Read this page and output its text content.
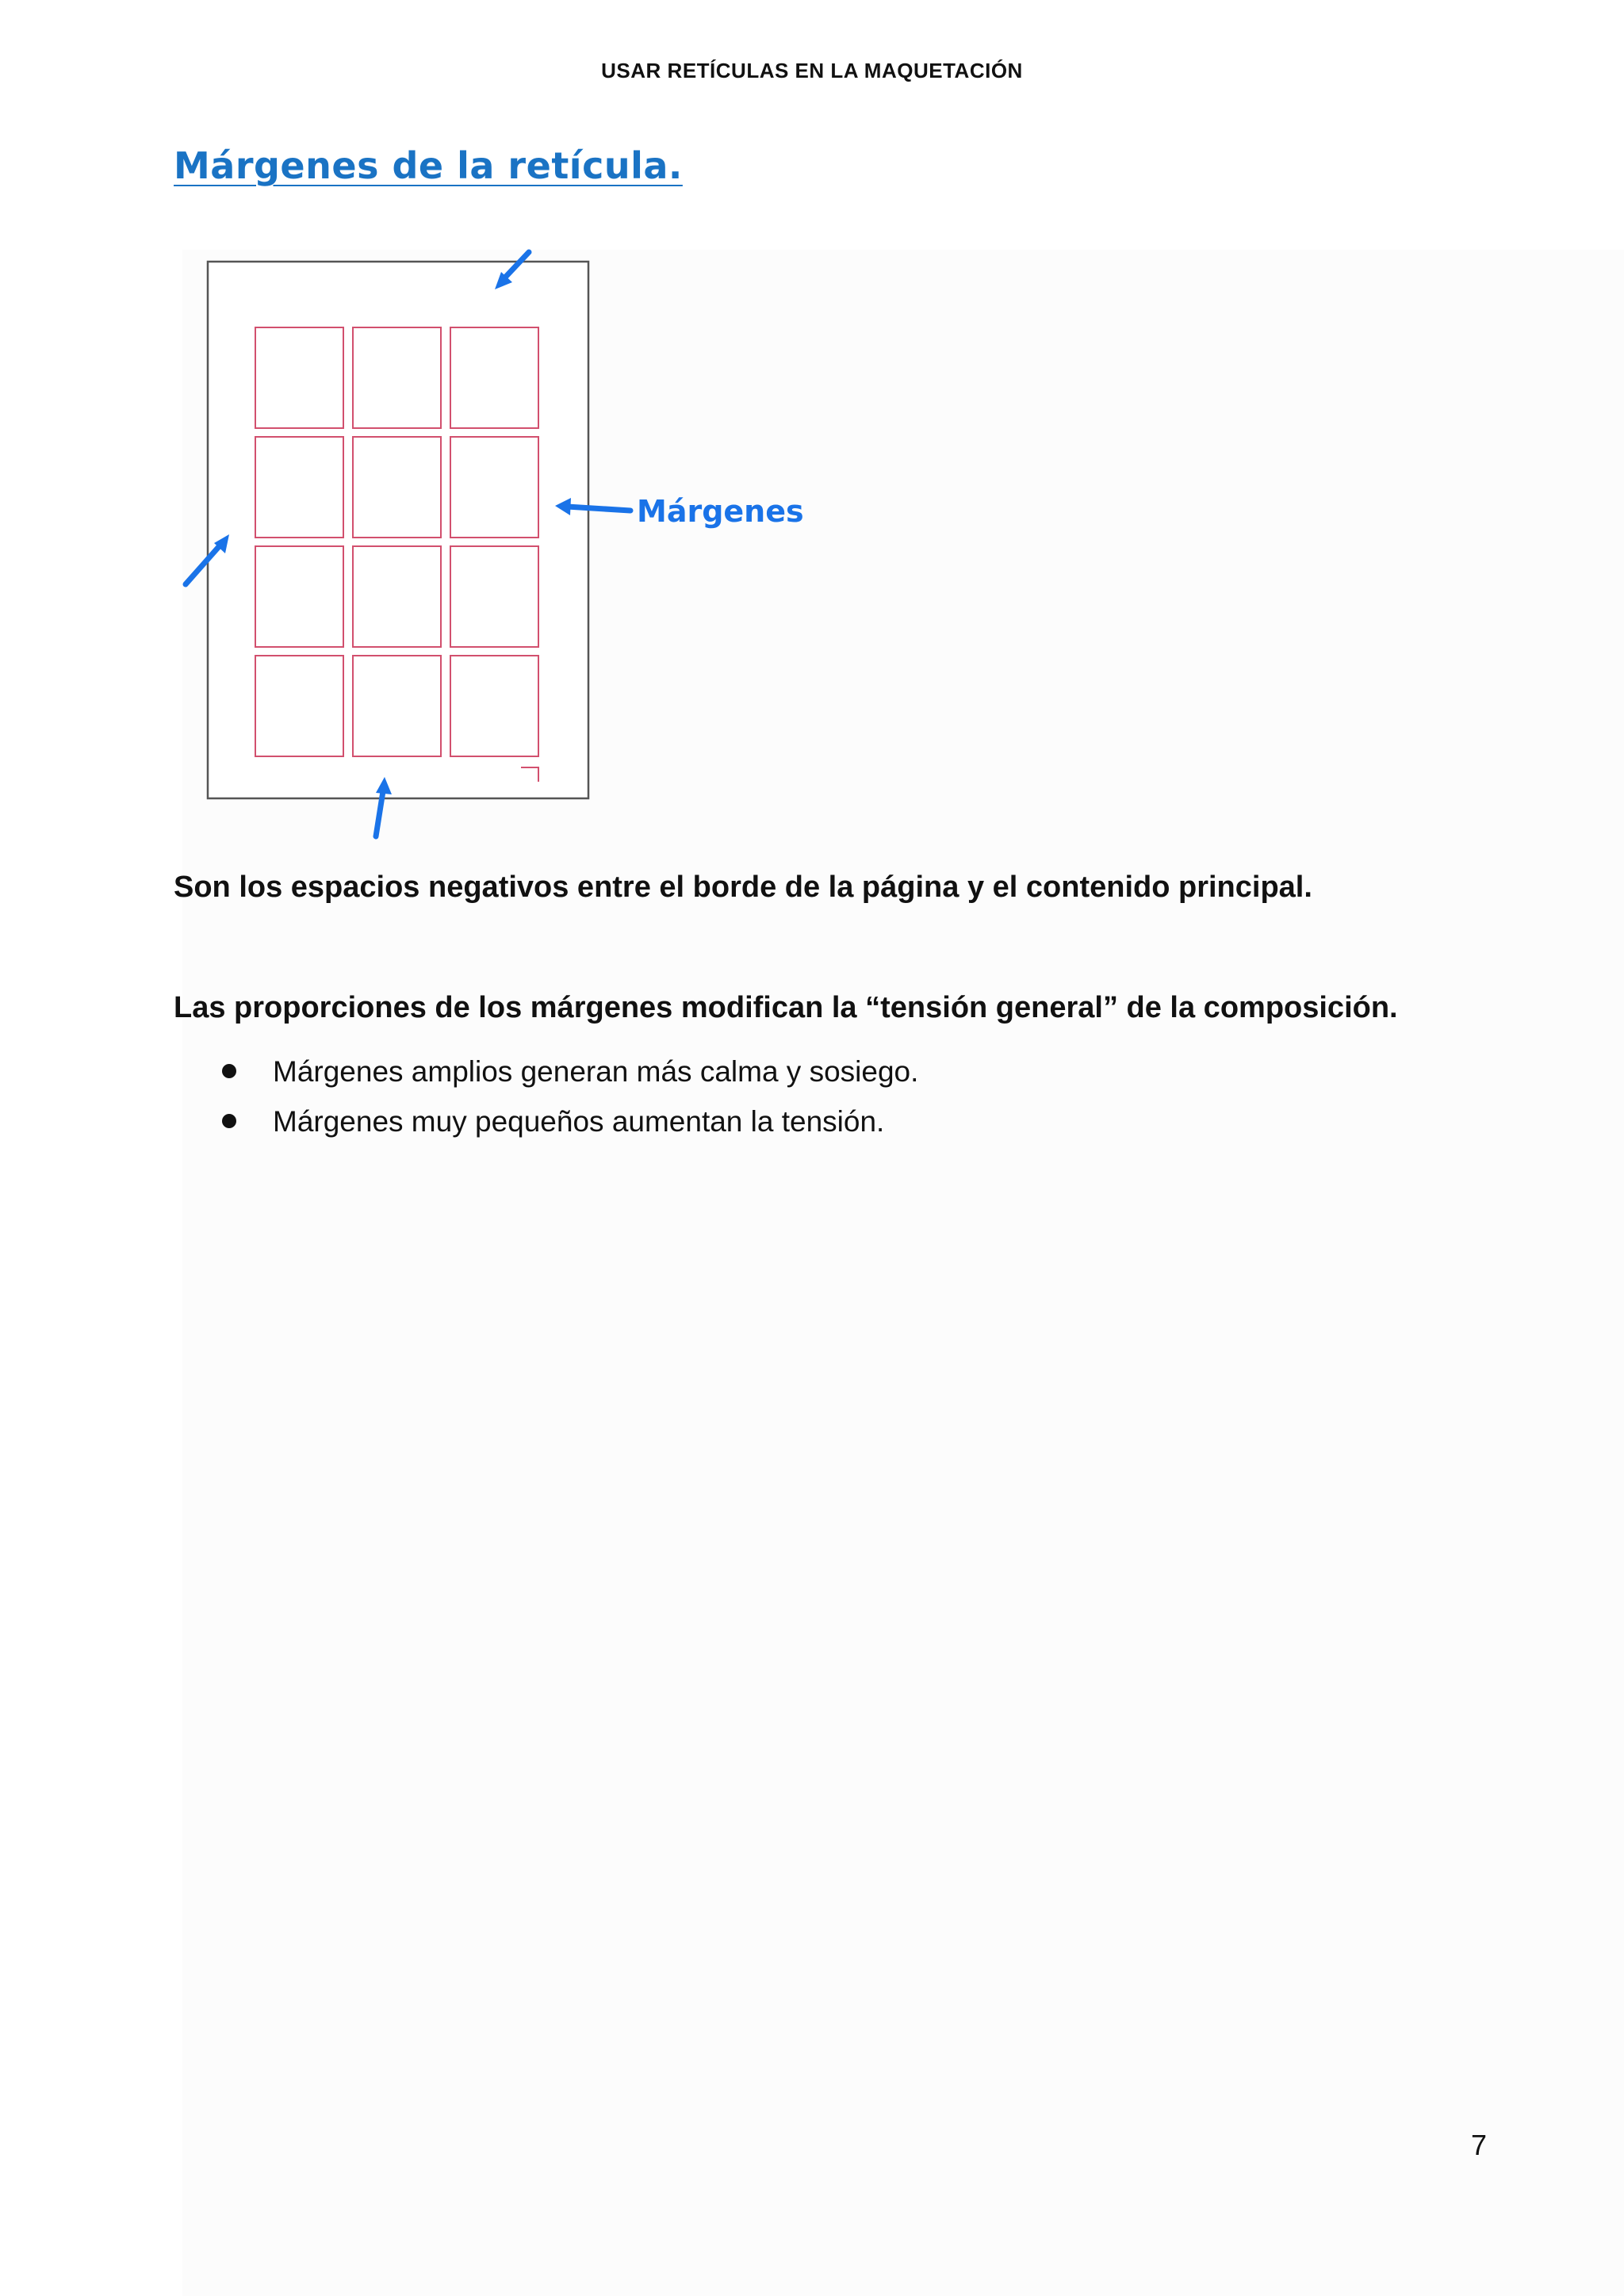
USAR RETÍCULAS EN LA MAQUETACIÓN
Márgenes de la retícula.
Márgenes
Son los espacios negativos entre el borde de la página y el contenido principal.
Las proporciones de los márgenes modifican la “tensión general” de la composición.
Márgenes amplios generan más calma y sosiego.
Márgenes muy pequeños aumentan la tensión.
7
